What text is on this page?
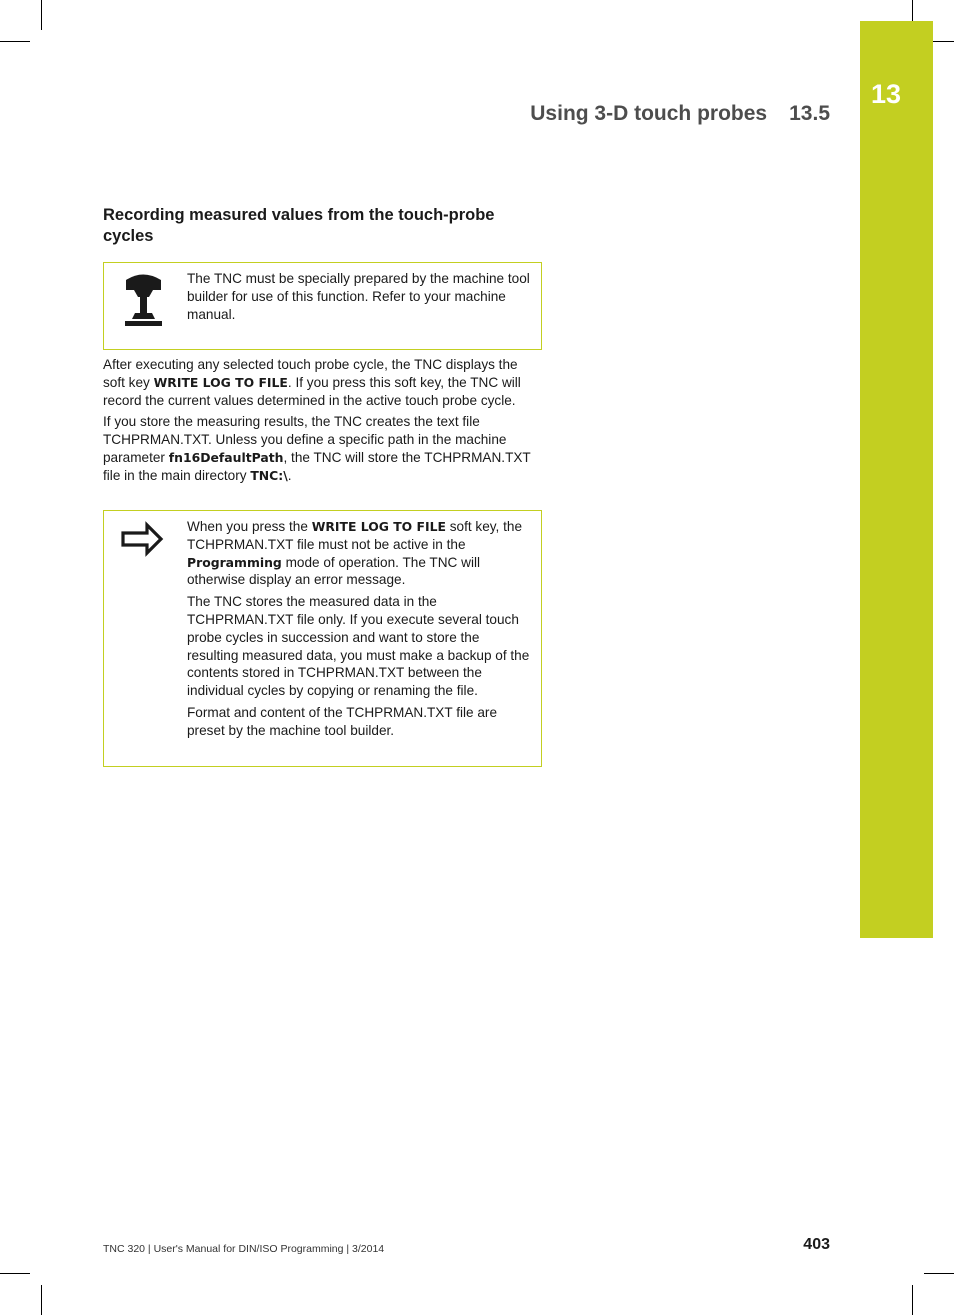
13
Using 3-D touch probes 13.5
Recording measured values from the touch-probe cycles

The TNC must be specially prepared by the machine tool builder for use of this function. Refer to your machine manual.

After executing any selected touch probe cycle, the TNC displays the soft key WRITE LOG TO FILE. If you press this soft key, the TNC will record the current values determined in the active touch probe cycle.

If you store the measuring results, the TNC creates the text file TCHPRMAN.TXT. Unless you define a specific path in the machine parameter fn16DefaultPath, the TNC will store the TCHPRMAN.TXT file in the main directory TNC:\.

When you press the WRITE LOG TO FILE soft key, the TCHPRMAN.TXT file must not be active in the Programming mode of operation. The TNC will otherwise display an error message.

The TNC stores the measured data in the TCHPRMAN.TXT file only. If you execute several touch probe cycles in succession and want to store the resulting measured data, you must make a backup of the contents stored in TCHPRMAN.TXT between the individual cycles by copying or renaming the file.

Format and content of the TCHPRMAN.TXT file are preset by the machine tool builder.

TNC 320 | User's Manual for DIN/ISO Programming | 3/2014	403
